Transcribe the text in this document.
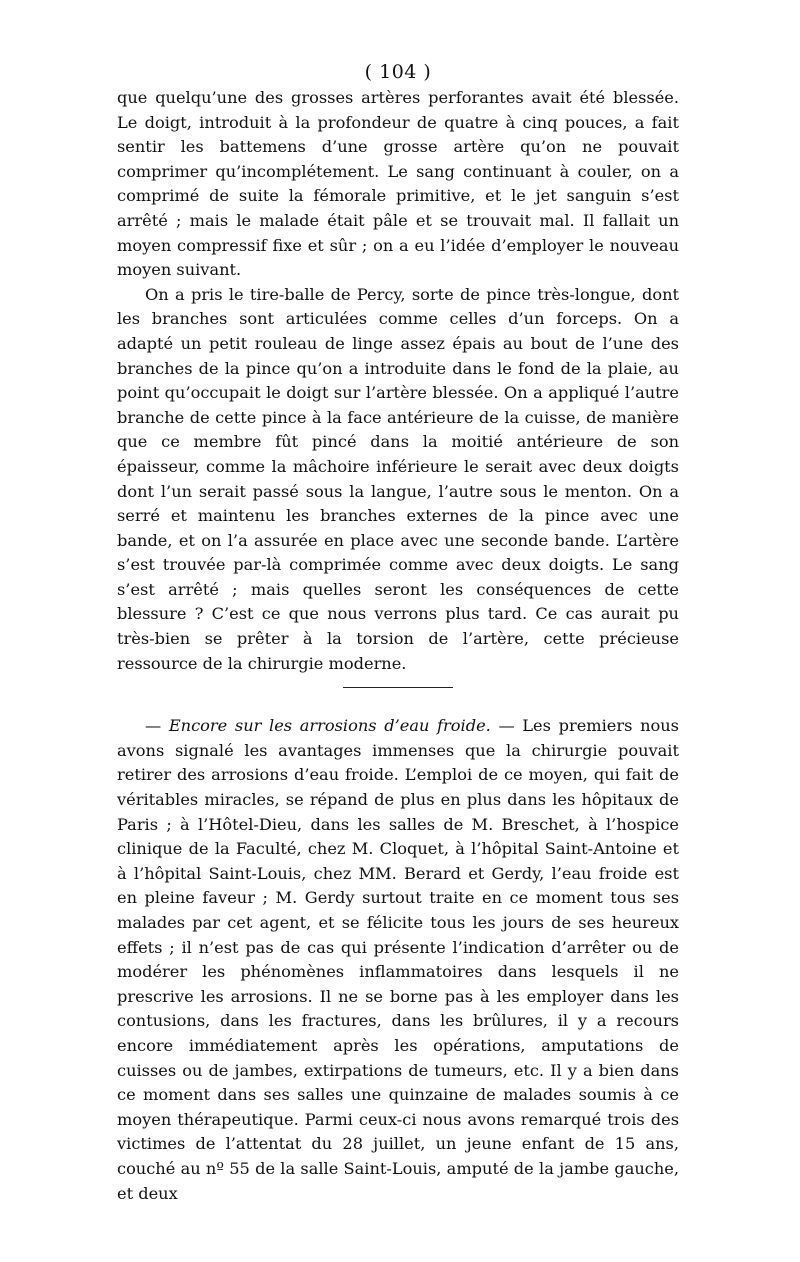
( 104 )

que quelqu’une des grosses artères perforantes avait été blessée. Le doigt, introduit à la profondeur de quatre à cinq pouces, a fait sentir les battemens d’une grosse artère qu’on ne pouvait comprimer qu’incomplétement. Le sang continuant à couler, on a comprimé de suite la fémorale primitive, et le jet sanguin s’est arrêté ; mais le malade était pâle et se trouvait mal. Il fallait un moyen compressif fixe et sûr ; on a eu l’idée d’employer le nouveau moyen suivant.

On a pris le tire-balle de Percy, sorte de pince très-longue, dont les branches sont articulées comme celles d’un forceps. On a adapté un petit rouleau de linge assez épais au bout de l’une des branches de la pince qu’on a introduite dans le fond de la plaie, au point qu’occupait le doigt sur l’artère blessée. On a appliqué l’autre branche de cette pince à la face antérieure de la cuisse, de manière que ce membre fût pincé dans la moitié antérieure de son épaisseur, comme la mâchoire inférieure le serait avec deux doigts dont l’un serait passé sous la langue, l’autre sous le menton. On a serré et maintenu les branches externes de la pince avec une bande, et on l’a assurée en place avec une seconde bande. L’artère s’est trouvée par-là comprimée comme avec deux doigts. Le sang s’est arrêté ; mais quelles seront les conséquences de cette blessure ? C’est ce que nous verrons plus tard. Ce cas aurait pu très-bien se prêter à la torsion de l’artère, cette précieuse ressource de la chirurgie moderne.

— Encore sur les arrosions d’eau froide. — Les premiers nous avons signalé les avantages immenses que la chirurgie pouvait retirer des arrosions d’eau froide. L’emploi de ce moyen, qui fait de véritables miracles, se répand de plus en plus dans les hôpitaux de Paris ; à l’Hôtel-Dieu, dans les salles de M. Breschet, à l’hospice clinique de la Faculté, chez M. Cloquet, à l’hôpital Saint-Antoine et à l’hôpital Saint-Louis, chez MM. Berard et Gerdy, l’eau froide est en pleine faveur ; M. Gerdy surtout traite en ce moment tous ses malades par cet agent, et se félicite tous les jours de ses heureux effets ; il n’est pas de cas qui présente l’indication d’arrêter ou de modérer les phénomènes inflammatoires dans lesquels il ne prescrive les arrosions. Il ne se borne pas à les employer dans les contusions, dans les fractures, dans les brûlures, il y a recours encore immédiatement après les opérations, amputations de cuisses ou de jambes, extirpations de tumeurs, etc. Il y a bien dans ce moment dans ses salles une quinzaine de malades soumis à ce moyen thérapeutique. Parmi ceux-ci nous avons remarqué trois des victimes de l’attentat du 28 juillet, un jeune enfant de 15 ans, couché au nº 55 de la salle Saint-Louis, amputé de la jambe gauche, et deux
